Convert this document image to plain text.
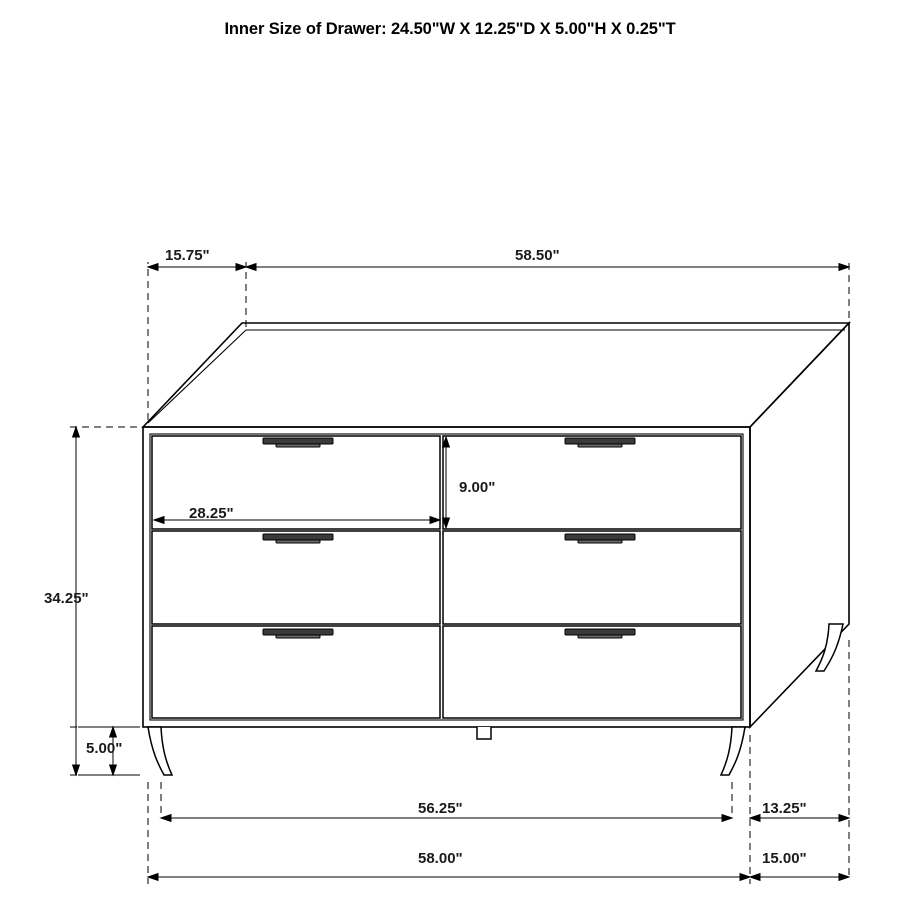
Inner Size of Drawer: 24.50"W X 12.25"D X 5.00"H X 0.25"T
15.75"	58.50"
34.25"
5.00"
28.25"
9.00"
56.25"	13.25"
58.00"	15.00"
